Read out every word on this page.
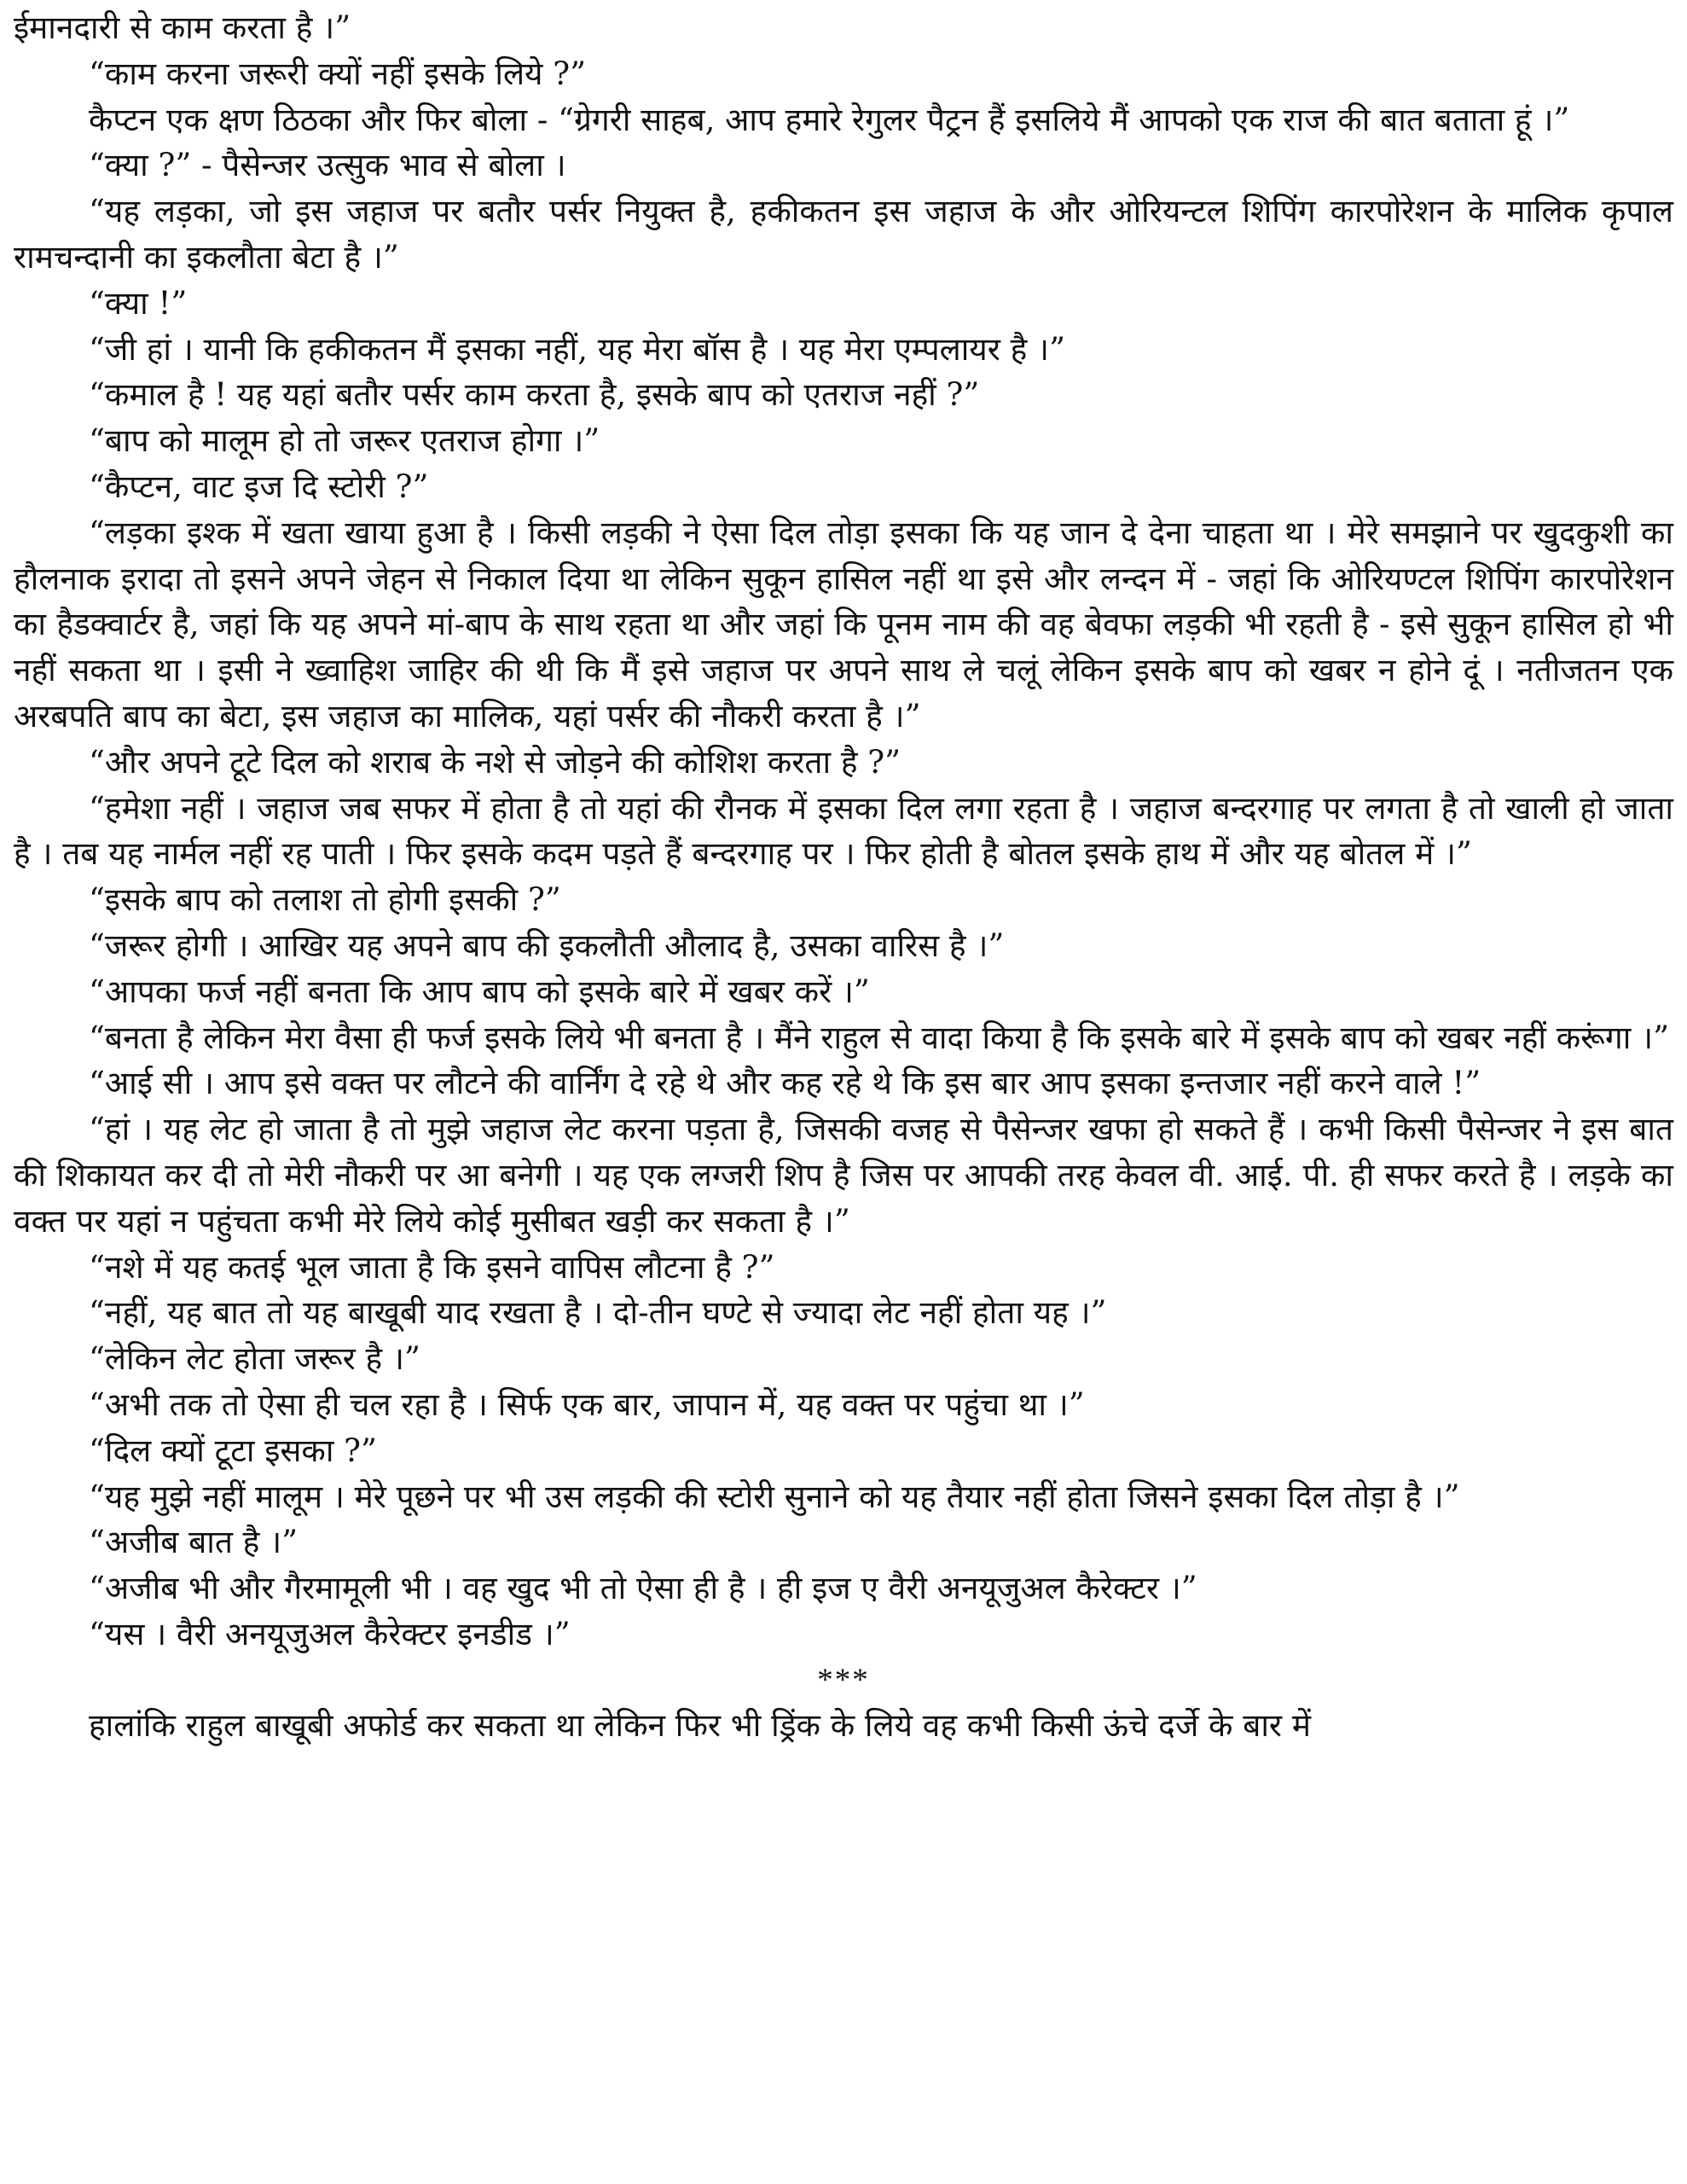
ईमानदारी से काम करता है ।”

“काम करना जरूरी क्यों नहीं इसके लिये ?”

कैप्टन एक क्षण ठिठका और फिर बोला - “ग्रेगरी साहब, आप हमारे रेगुलर पैट्रन हैं इसलिये मैं आपको एक राज की बात बताता हूं ।”

“क्या ?” - पैसेन्जर उत्सुक भाव से बोला ।

“यह लड़का, जो इस जहाज पर बतौर पर्सर नियुक्त है, हकीकतन इस जहाज के और ओरियन्टल शिपिंग कारपोरेशन के मालिक कृपाल रामचन्दानी का इकलौता बेटा है ।”

“क्या !”

“जी हां । यानी कि हकीकतन मैं इसका नहीं, यह मेरा बॉस है । यह मेरा एम्पलायर है ।”

“कमाल है ! यह यहां बतौर पर्सर काम करता है, इसके बाप को एतराज नहीं ?”

“बाप को मालूम हो तो जरूर एतराज होगा ।”

“कैप्टन, वाट इज दि स्टोरी ?”

“लड़का इश्क में खता खाया हुआ है । किसी लड़की ने ऐसा दिल तोड़ा इसका कि यह जान दे देना चाहता था । मेरे समझाने पर खुदकुशी का हौलनाक इरादा तो इसने अपने जेहन से निकाल दिया था लेकिन सुकून हासिल नहीं था इसे और लन्दन में - जहां कि ओरियण्टल शिपिंग कारपोरेशन का हैडक्वार्टर है, जहां कि यह अपने मां-बाप के साथ रहता था और जहां कि पूनम नाम की वह बेवफा लड़की भी रहती है - इसे सुकून हासिल हो भी नहीं सकता था । इसी ने ख्वाहिश जाहिर की थी कि मैं इसे जहाज पर अपने साथ ले चलूं लेकिन इसके बाप को खबर न होने दूं । नतीजतन एक अरबपति बाप का बेटा, इस जहाज का मालिक, यहां पर्सर की नौकरी करता है ।”

“और अपने टूटे दिल को शराब के नशे से जोड़ने की कोशिश करता है ?”

“हमेशा नहीं । जहाज जब सफर में होता है तो यहां की रौनक में इसका दिल लगा रहता है । जहाज बन्दरगाह पर लगता है तो खाली हो जाता है । तब यह नार्मल नहीं रह पाती । फिर इसके कदम पड़ते हैं बन्दरगाह पर । फिर होती है बोतल इसके हाथ में और यह बोतल में ।”

“इसके बाप को तलाश तो होगी इसकी ?”

“जरूर होगी । आखिर यह अपने बाप की इकलौती औलाद है, उसका वारिस है ।”

“आपका फर्ज नहीं बनता कि आप बाप को इसके बारे में खबर करें ।”

“बनता है लेकिन मेरा वैसा ही फर्ज इसके लिये भी बनता है । मैंने राहुल से वादा किया है कि इसके बारे में इसके बाप को खबर नहीं करूंगा ।”

“आई सी । आप इसे वक्त पर लौटने की वार्निंग दे रहे थे और कह रहे थे कि इस बार आप इसका इन्तजार नहीं करने वाले !”

“हां । यह लेट हो जाता है तो मुझे जहाज लेट करना पड़ता है, जिसकी वजह से पैसेन्जर खफा हो सकते हैं । कभी किसी पैसेन्जर ने इस बात की शिकायत कर दी तो मेरी नौकरी पर आ बनेगी । यह एक लग्जरी शिप है जिस पर आपकी तरह केवल वी. आई. पी. ही सफर करते है । लड़के का वक्त पर यहां न पहुंचता कभी मेरे लिये कोई मुसीबत खड़ी कर सकता है ।”

“नशे में यह कतई भूल जाता है कि इसने वापिस लौटना है ?”

“नहीं, यह बात तो यह बाखूबी याद रखता है । दो-तीन घण्टे से ज्यादा लेट नहीं होता यह ।”

“लेकिन लेट होता जरूर है ।”

“अभी तक तो ऐसा ही चल रहा है । सिर्फ एक बार, जापान में, यह वक्त पर पहुंचा था ।”

“दिल क्यों टूटा इसका ?”

“यह मुझे नहीं मालूम । मेरे पूछने पर भी उस लड़की की स्टोरी सुनाने को यह तैयार नहीं होता जिसने इसका दिल तोड़ा है ।”

“अजीब बात है ।”

“अजीब भी और गैरमामूली भी । वह खुद भी तो ऐसा ही है । ही इज ए वैरी अनयूजुअल कैरेक्टर ।”

“यस । वैरी अनयूजुअल कैरेक्टर इनडीड ।”

***

हालांकि राहुल बाखूबी अफोर्ड कर सकता था लेकिन फिर भी ड्रिंक के लिये वह कभी किसी ऊंचे दर्जे के बार में
